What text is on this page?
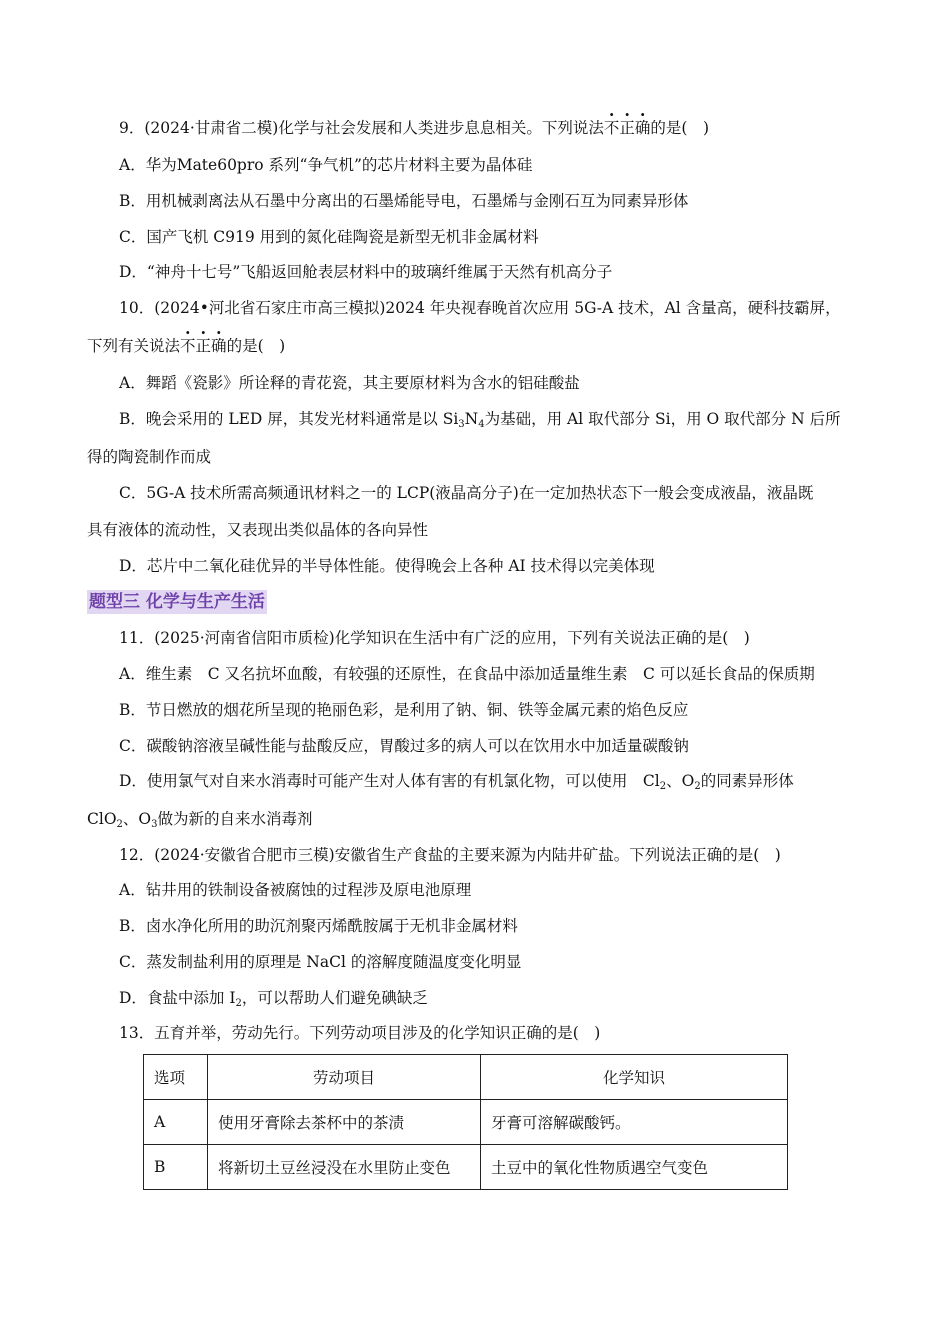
9．(2024·甘肃省二模)化学与社会发展和人类进步息息相关。下列说法不正确的是(　)
A．华为Mate60pro 系列“争气机”的芯片材料主要为晶体硅
B．用机械剥离法从石墨中分离出的石墨烯能导电，石墨烯与金刚石互为同素异形体
C．国产飞机 C919 用到的氮化硅陶瓷是新型无机非金属材料
D．“神舟十七号”飞船返回舱表层材料中的玻璃纤维属于天然有机高分子
10．(2024•河北省石家庄市高三模拟)2024 年央视春晚首次应用 5G-A 技术，Al 含量高，硬科技霸屏，
下列有关说法不正确的是(　)
A．舞蹈《瓷影》所诠释的青花瓷，其主要原材料为含水的铝硅酸盐
B．晚会采用的 LED 屏，其发光材料通常是以 $Si_3N_4$为基础，用 Al 取代部分 Si，用 O 取代部分 N 后所
得的陶瓷制作而成
C．5G-A 技术所需高频通讯材料之一的 LCP(液晶高分子)在一定加热状态下一般会变成液晶，液晶既
具有液体的流动性，又表现出类似晶体的各向异性
D．芯片中二氧化硅优异的半导体性能。使得晚会上各种 AI 技术得以完美体现
题型三 化学与生产生活
11．(2025·河南省信阳市质检)化学知识在生活中有广泛的应用，下列有关说法正确的是(　)
A．维生素　C 又名抗坏血酸，有较强的还原性，在食品中添加适量维生素　C 可以延长食品的保质期
B．节日燃放的烟花所呈现的艳丽色彩，是利用了钠、铜、铁等金属元素的焰色反应
C．碳酸钠溶液呈碱性能与盐酸反应，胃酸过多的病人可以在饮用水中加适量碳酸钠
D．使用氯气对自来水消毒时可能产生对人体有害的有机氯化物，可以使用　$Cl_2$、$O_2$的同素异形体
ClO$_2$、$O_3$做为新的自来水消毒剂
12．(2024·安徽省合肥市三模)安徽省生产食盐的主要来源为内陆井矿盐。下列说法正确的是(　)
A．钻井用的铁制设备被腐蚀的过程涉及原电池原理
B．卤水净化所用的助沉剂聚丙烯酰胺属于无机非金属材料
C．蒸发制盐利用的原理是 NaCl 的溶解度随温度变化明显
D．食盐中添加 $I_2$，可以帮助人们避免碘缺乏
13．五育并举，劳动先行。下列劳动项目涉及的化学知识正确的是(　)
选项	劳动项目	化学知识
A	使用牙膏除去茶杯中的茶渍	牙膏可溶解碳酸钙。
B	将新切土豆丝浸没在水里防止变色	土豆中的氧化性物质遇空气变色
